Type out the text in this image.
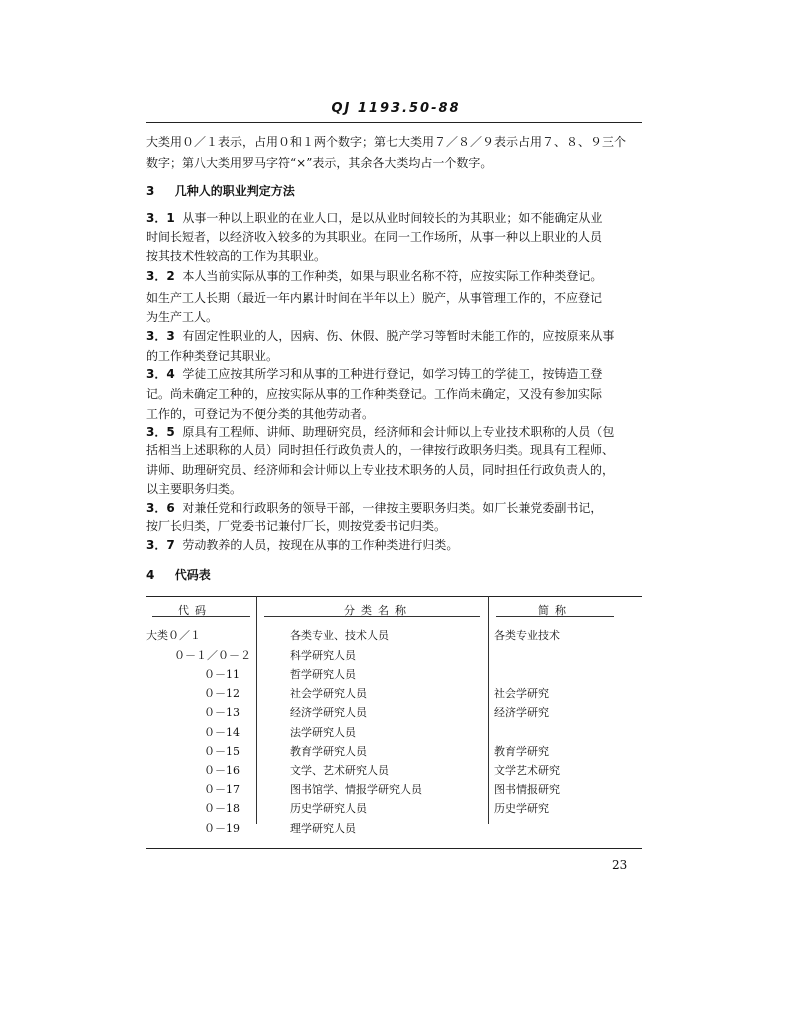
QJ 1193.50-88
大类用０／１表示，占用０和１两个数字；第七大类用７／８／９表示占用７、８、９三个
数字；第八大类用罗马字符“×”表示，其余各大类均占一个数字。
3 几种人的职业判定方法
3．1 从事一种以上职业的在业人口，是以从业时间较长的为其职业；如不能确定从业
时间长短者，以经济收入较多的为其职业。在同一工作场所，从事一种以上职业的人员
按其技术性较高的工作为其职业。
3．2 本人当前实际从事的工作种类，如果与职业名称不符，应按实际工作种类登记。
如生产工人长期（最近一年内累计时间在半年以上）脱产，从事管理工作的，不应登记
为生产工人。
3．3 有固定性职业的人，因病、伤、休假、脱产学习等暂时未能工作的，应按原来从事
的工作种类登记其职业。
3．4 学徒工应按其所学习和从事的工种进行登记，如学习铸工的学徒工，按铸造工登
记。尚未确定工种的，应按实际从事的工作种类登记。工作尚未确定，又没有参加实际
工作的，可登记为不便分类的其他劳动者。
3．5 原具有工程师、讲师、助理研究员，经济师和会计师以上专业技术职称的人员（包
括相当上述职称的人员）同时担任行政负责人的，一律按行政职务归类。现具有工程师、
讲师、助理研究员、经济师和会计师以上专业技术职务的人员，同时担任行政负责人的，
以主要职务归类。
3．6 对兼任党和行政职务的领导干部，一律按主要职务归类。如厂长兼党委副书记，
按厂长归类，厂党委书记兼付厂长，则按党委书记归类。
3．7 劳动教养的人员，按现在从事的工作种类进行归类。
4 代码表
代码	分类名称	简称
大类０／１	各类专业、技术人员	各类专业技术
０－１／０－２	科学研究人员
０－11	哲学研究人员
０－12	社会学研究人员	社会学研究
０－13	经济学研究人员	经济学研究
０－14	法学研究人员
０－15	教育学研究人员	教育学研究
０－16	文学、艺术研究人员	文学艺术研究
０－17	图书馆学、情报学研究人员	图书情报研究
０－18	历史学研究人员	历史学研究
０－19	理学研究人员
23
